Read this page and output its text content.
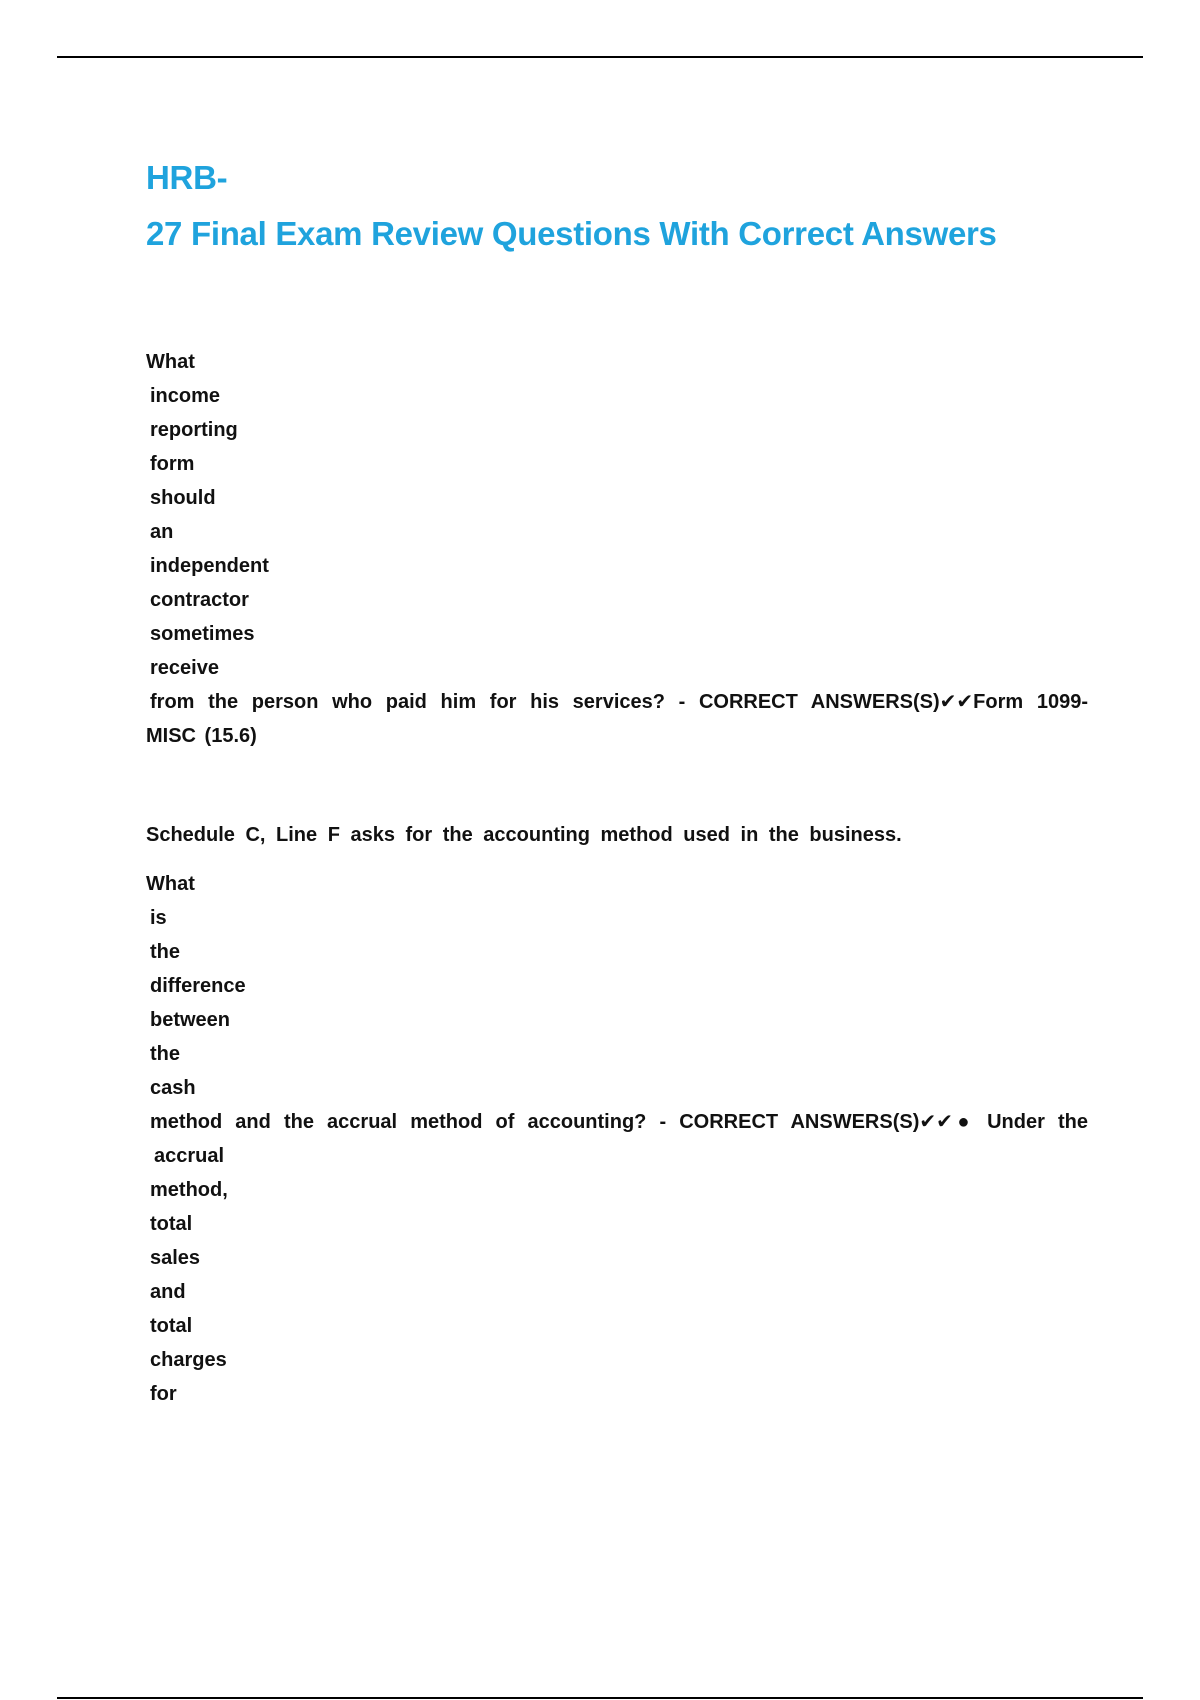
HRB-
27 Final Exam Review Questions With Correct Answers
What
income
reporting
form
should
an
independent
contractor
sometimes
receive
from the person who paid him for his services? - CORRECT ANSWERS(S)✔✔Form 1099-
MISC (15.6)
Schedule C, Line F asks for the accounting method used in the business.
What
is
the
difference
between
the
cash
method and the accrual method of accounting? - CORRECT ANSWERS(S)✔✔● Under the
accrual
method,
total
sales
and
total
charges
for
